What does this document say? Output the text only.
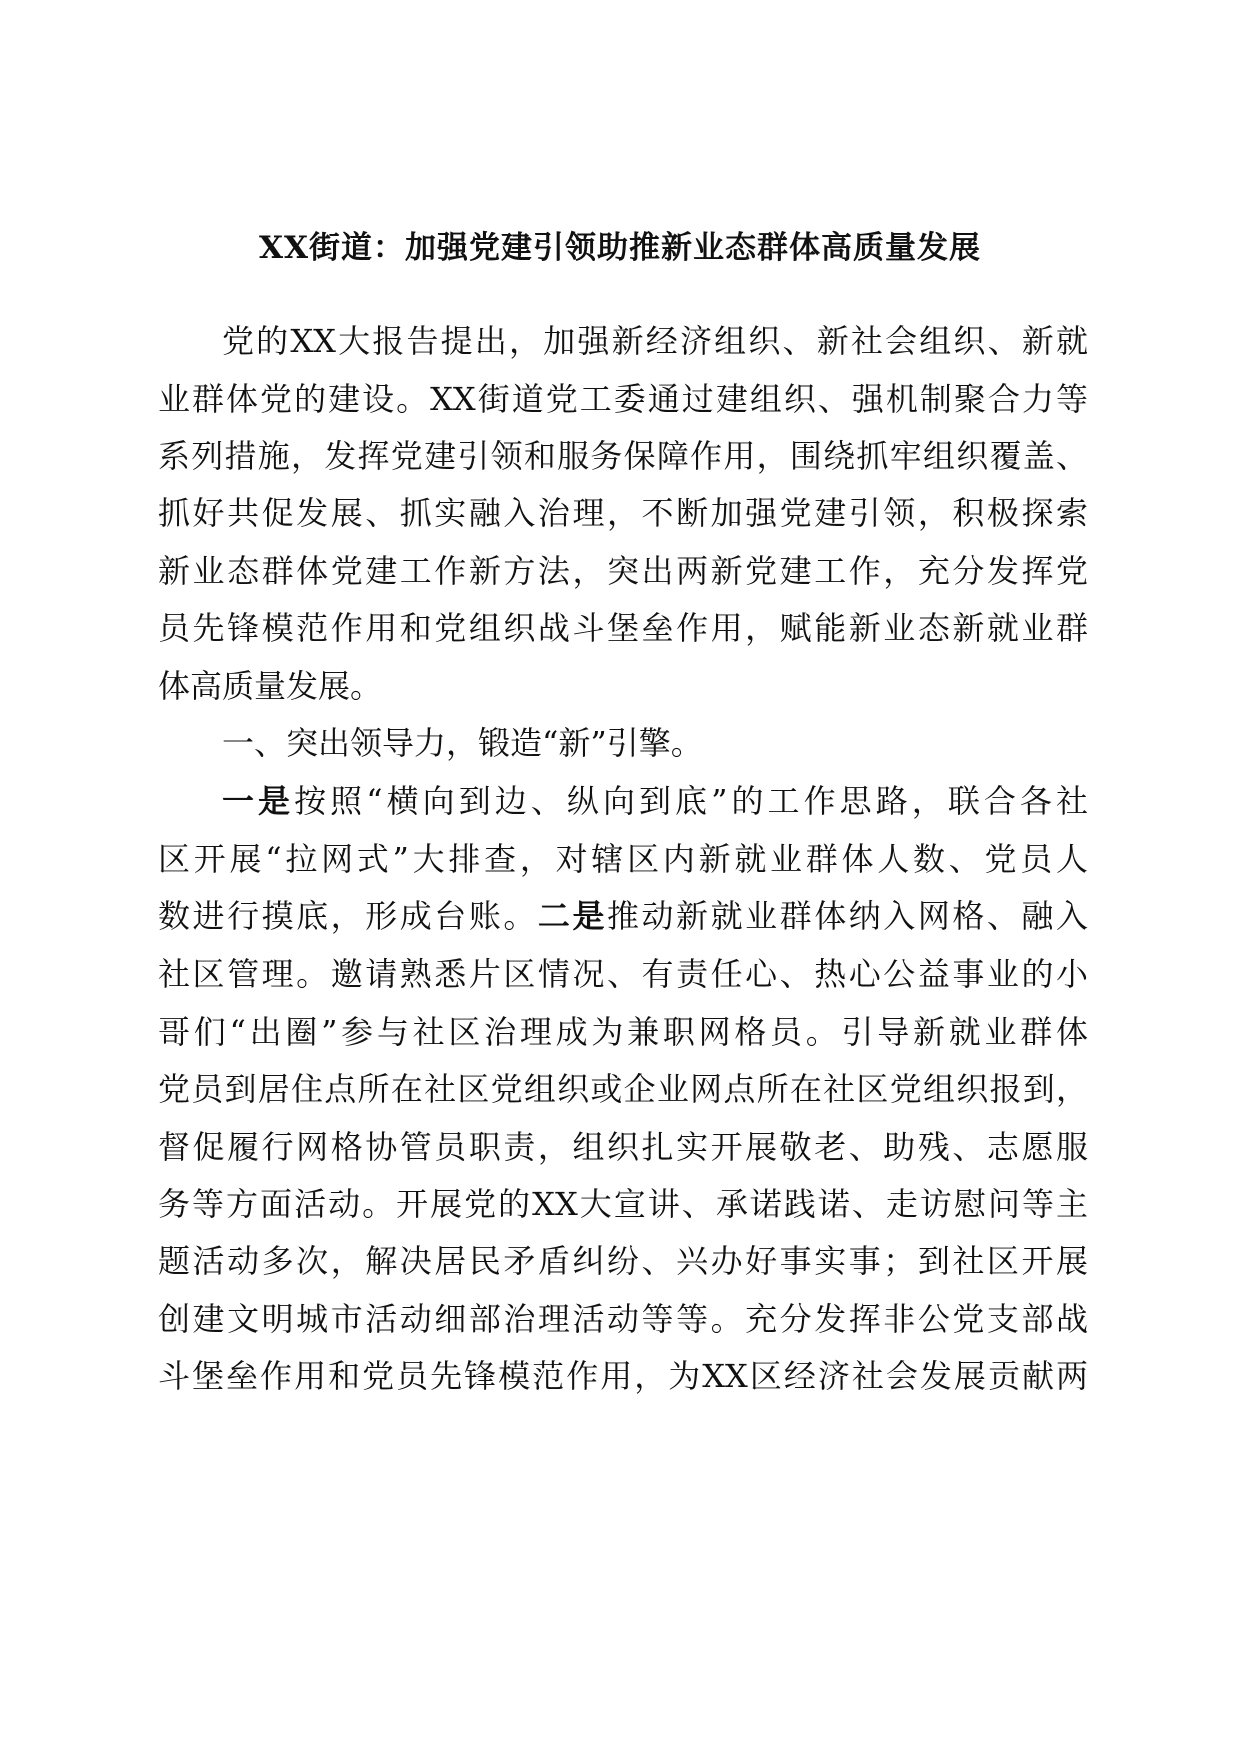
XX街道：加强党建引领助推新业态群体高质量发展
党的XX大报告提出，加强新经济组织、新社会组织、新就
业群体党的建设。XX街道党工委通过建组织、强机制聚合力等
系列措施，发挥党建引领和服务保障作用，围绕抓牢组织覆盖、
抓好共促发展、抓实融入治理，不断加强党建引领，积极探索
新业态群体党建工作新方法，突出两新党建工作，充分发挥党
员先锋模范作用和党组织战斗堡垒作用，赋能新业态新就业群
体高质量发展。
一、突出领导力，锻造“新”引擎。
一是按照“横向到边、纵向到底”的工作思路，联合各社
区开展“拉网式”大排查，对辖区内新就业群体人数、党员人
数进行摸底，形成台账。二是推动新就业群体纳入网格、融入
社区管理。邀请熟悉片区情况、有责任心、热心公益事业的小
哥们“出圈”参与社区治理成为兼职网格员。引导新就业群体
党员到居住点所在社区党组织或企业网点所在社区党组织报到，
督促履行网格协管员职责，组织扎实开展敬老、助残、志愿服
务等方面活动。开展党的XX大宣讲、承诺践诺、走访慰问等主
题活动多次，解决居民矛盾纠纷、兴办好事实事；到社区开展
创建文明城市活动细部治理活动等等。充分发挥非公党支部战
斗堡垒作用和党员先锋模范作用，为XX区经济社会发展贡献两
